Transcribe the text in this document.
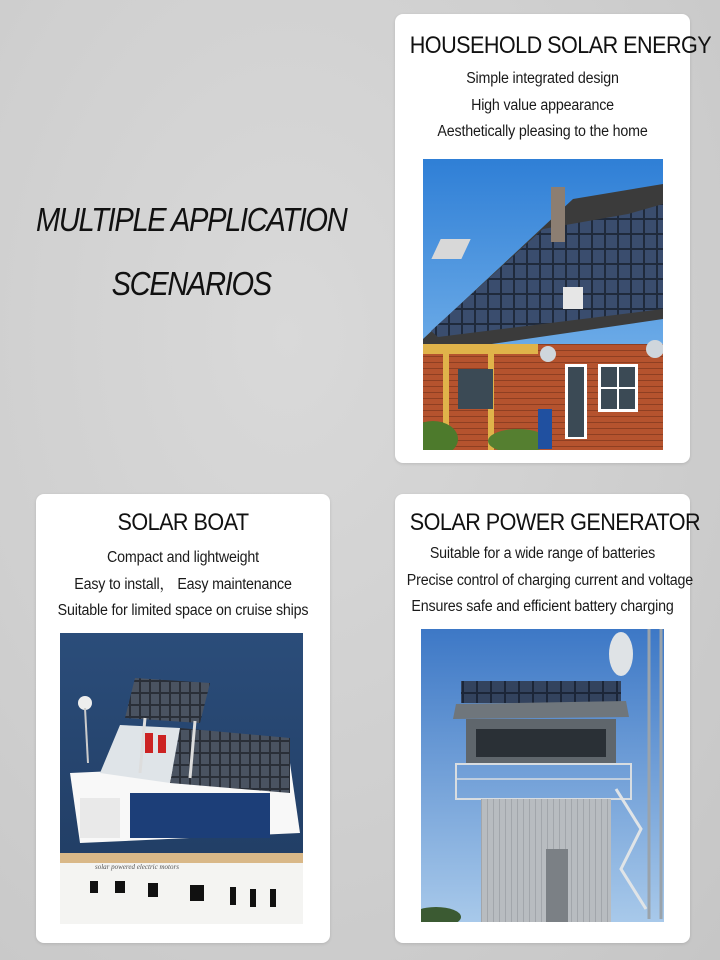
MULTIPLE APPLICATION
SCENARIOS
HOUSEHOLD SOLAR ENERGY
Simple integrated design
High value appearance
Aesthetically pleasing to the home
SOLAR BOAT
Compact and lightweight
Easy to install， Easy maintenance
Suitable for limited space on cruise ships
solar powered electric motors
SOLAR POWER GENERATOR
Suitable for a wide range of batteries
Precise control of charging current and voltage
Ensures safe and efficient battery charging
